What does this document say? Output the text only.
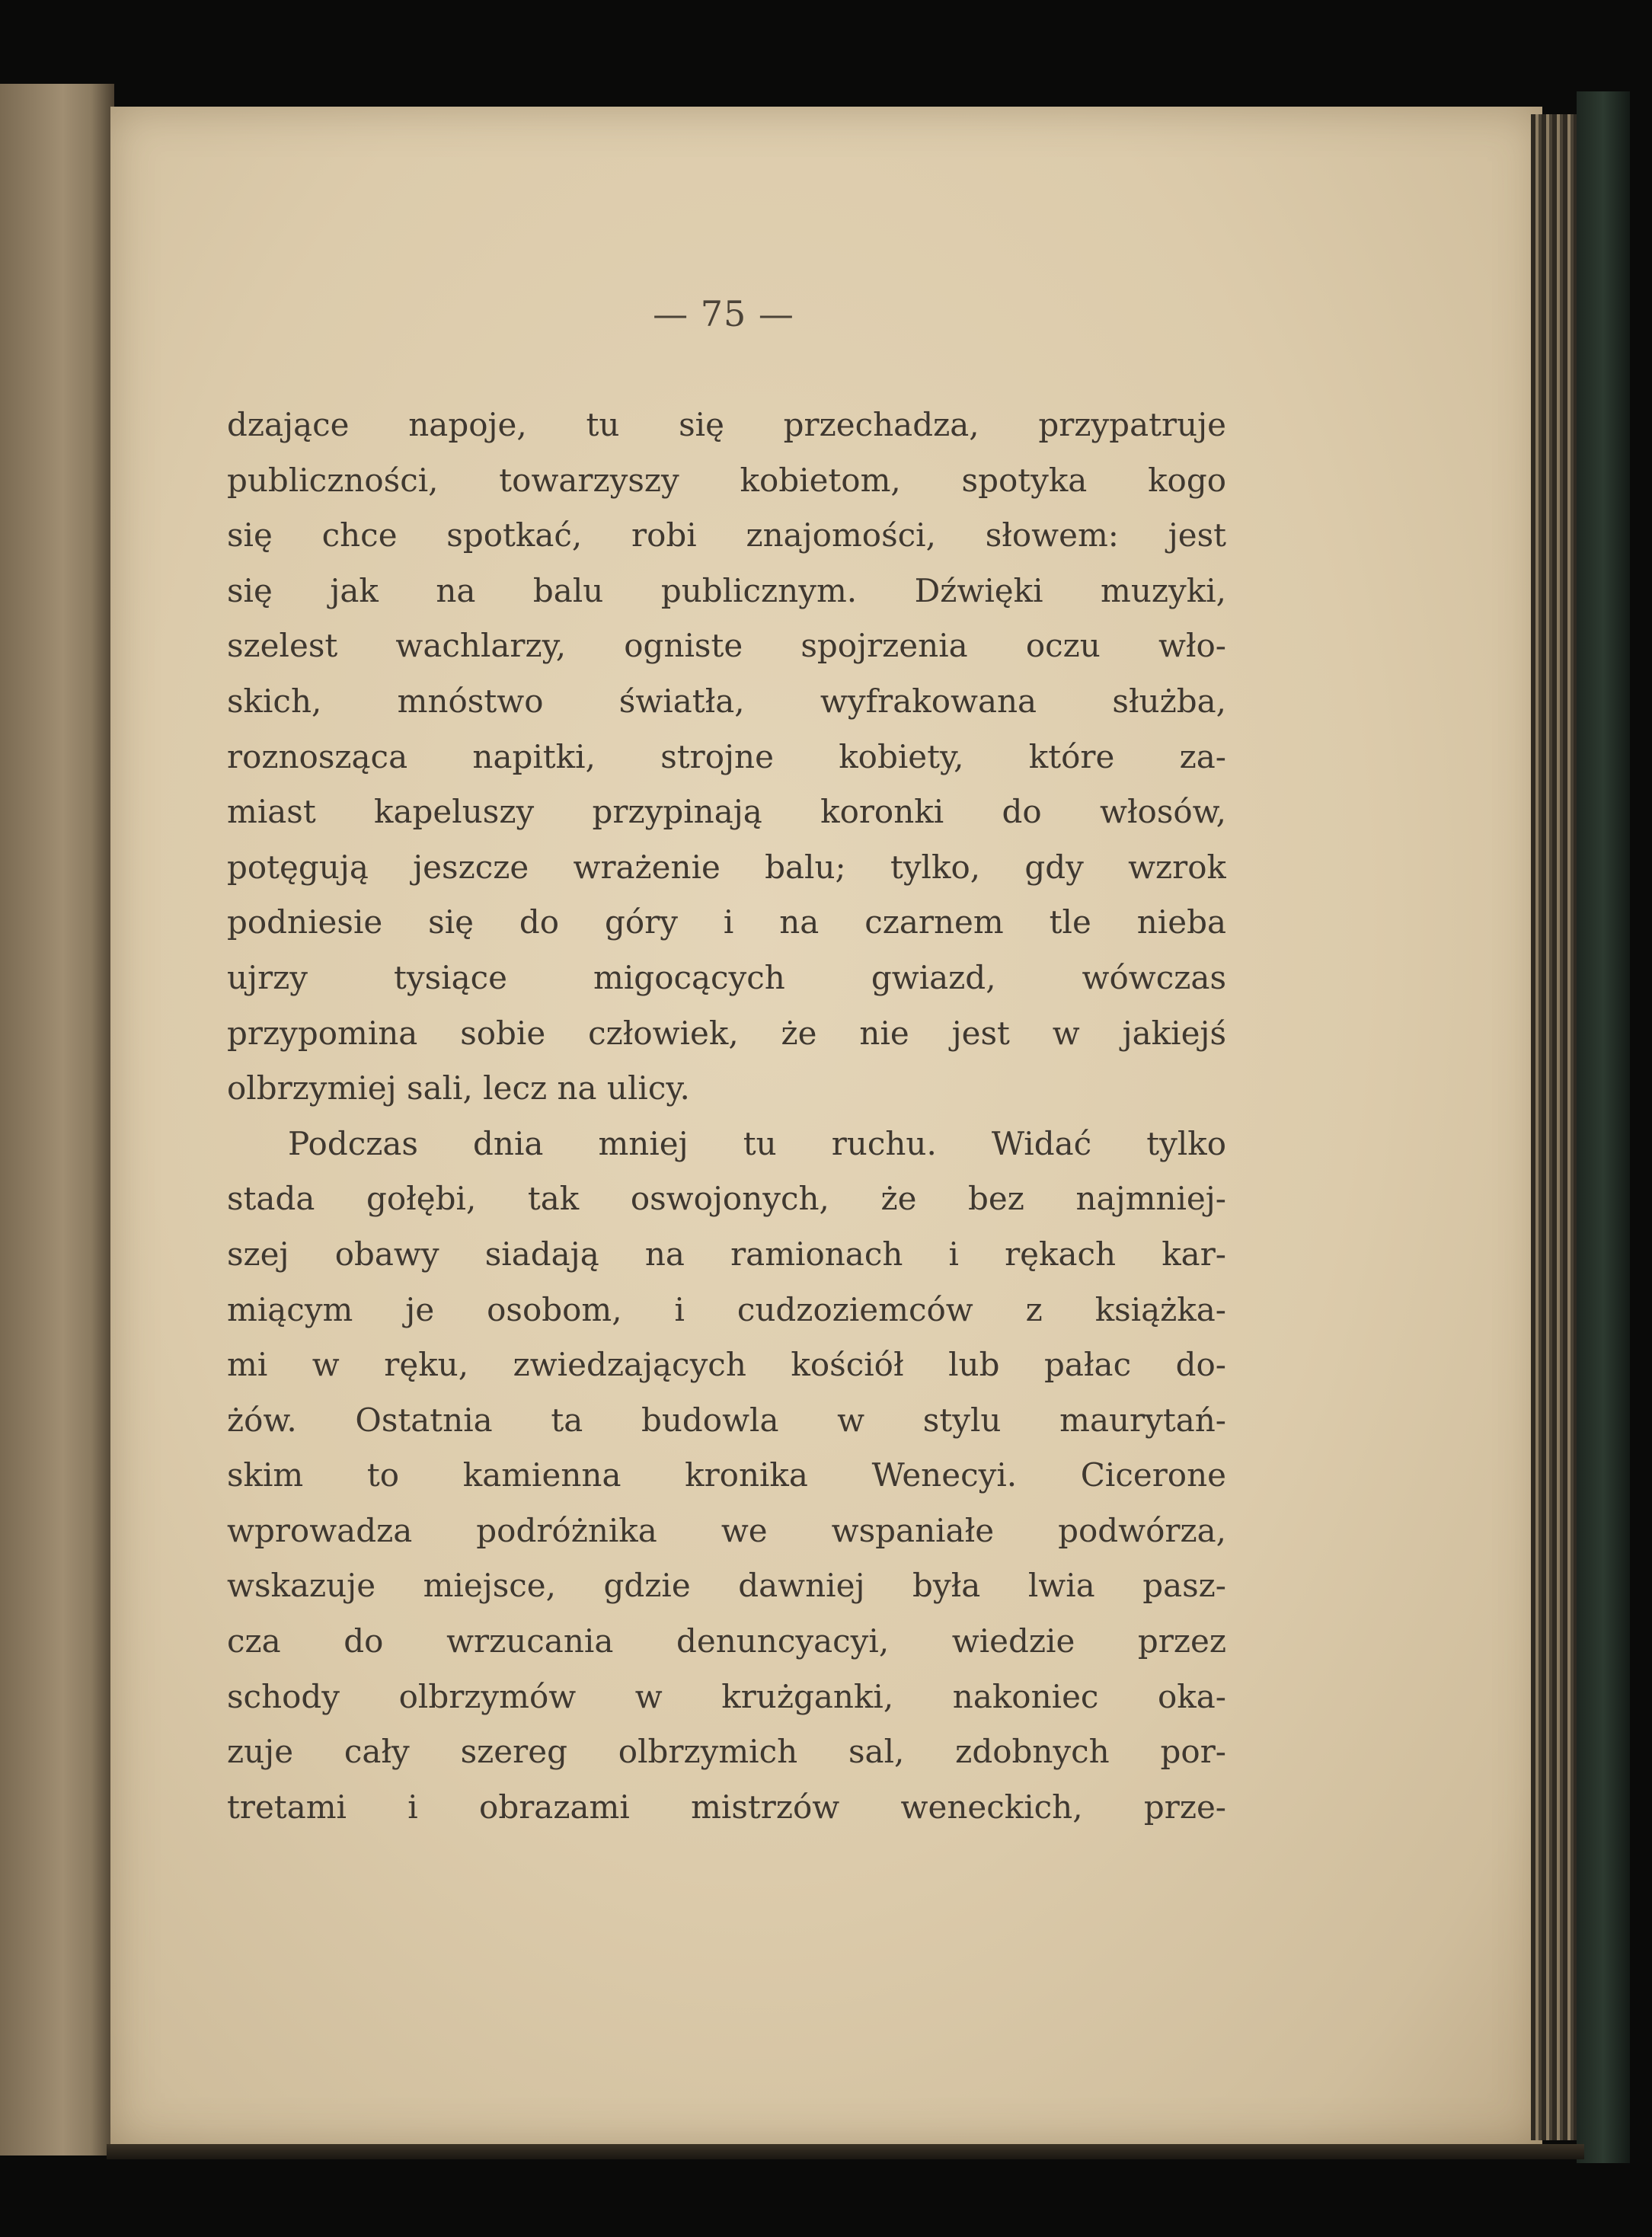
— 75 —
dzające napoje, tu się przechadza, przypatruje
publiczności, towarzyszy kobietom, spotyka kogo
się chce spotkać, robi znajomości, słowem: jest
się jak na balu publicznym. Dźwięki muzyki,
szelest wachlarzy, ogniste spojrzenia oczu wło-
skich, mnóstwo światła, wyfrakowana służba,
roznosząca napitki, strojne kobiety, które za-
miast kapeluszy przypinają koronki do włosów,
potęgują jeszcze wrażenie balu; tylko, gdy wzrok
podniesie się do góry i na czarnem tle nieba
ujrzy tysiące migocących gwiazd, wówczas
przypomina sobie człowiek, że nie jest w jakiejś
olbrzymiej sali, lecz na ulicy.
Podczas dnia mniej tu ruchu. Widać tylko
stada gołębi, tak oswojonych, że bez najmniej-
szej obawy siadają na ramionach i rękach kar-
miącym je osobom, i cudzoziemców z książka-
mi w ręku, zwiedzających kościół lub pałac do-
żów. Ostatnia ta budowla w stylu maurytań-
skim to kamienna kronika Wenecyi. Cicerone
wprowadza podróżnika we wspaniałe podwórza,
wskazuje miejsce, gdzie dawniej była lwia pasz-
cza do wrzucania denuncyacyi, wiedzie przez
schody olbrzymów w krużganki, nakoniec oka-
zuje cały szereg olbrzymich sal, zdobnych por-
tretami i obrazami mistrzów weneckich, prze-
